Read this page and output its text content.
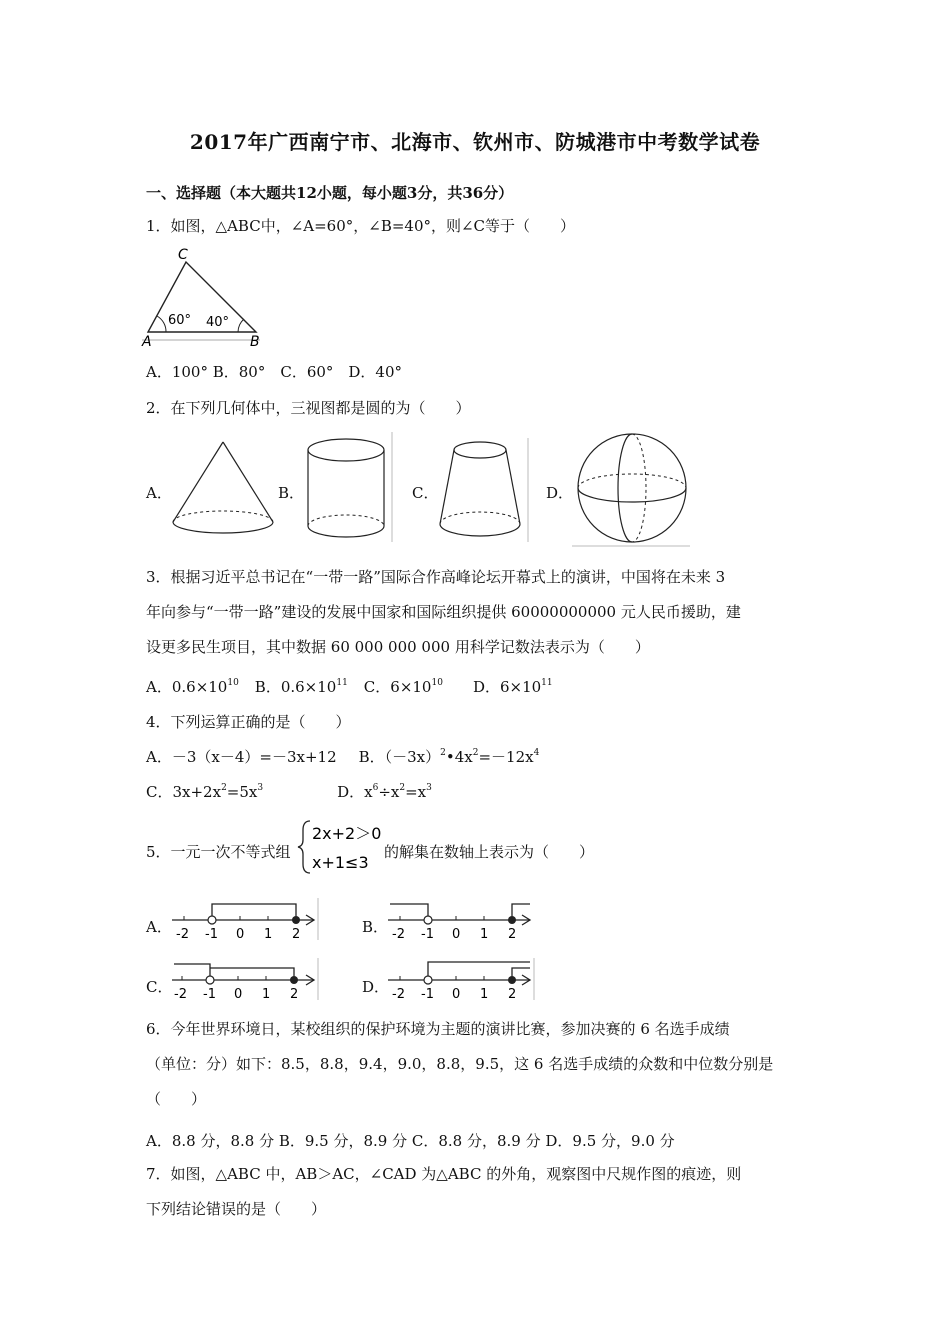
2017年广西南宁市、北海市、钦州市、防城港市中考数学试卷
一、选择题（本大题共12小题，每小题3分，共36分）
1．如图，△ABC中，∠A=60°，∠B=40°，则∠C等于（　　）
C
A	B
60° 40°
A．100° B．80°　C．60°　D．40°
2．在下列几何体中，三视图都是圆的为（　　）
A．	B．	C．	D．
3．根据习近平总书记在“一带一路”国际合作高峰论坛开幕式上的演讲，中国将在未来 3
年向参与“一带一路”建设的发展中国家和国际组织提供 60000000000 元人民币援助，建
设更多民生项目，其中数据 60 000 000 000 用科学记数法表示为（　　）
A．$0.6\times 10^{10}$ B．$0.6\times 10^{11}$ C．$6\times 10^{10}$ D．$6\times 10^{11}$
4．下列运算正确的是（　　）
A．－3（x－4）=－3x+12 B．$(-3x)^2•4x^2=-12x^4$
C．$3x+2x^2=5x^3$	D．$x^6\div x^2=x^3$
5．一元一次不等式组
2x+2＞0
x+1≤3
的解集在数轴上表示为（　　）
A． -2 -1 0 1 2	B． -2 -1 0 1 2
C． -2 -1 0 1 2	D． -2 -1 0 1 2
6．今年世界环境日，某校组织的保护环境为主题的演讲比赛，参加决赛的 6 名选手成绩
（单位：分）如下：8.5，8.8，9.4，9.0，8.8，9.5，这 6 名选手成绩的众数和中位数分别是
（　　）
A．8.8 分，8.8 分 B．9.5 分，8.9 分 C．8.8 分，8.9 分 D．9.5 分，9.0 分
7．如图，△ABC 中，AB＞AC，∠CAD 为△ABC 的外角，观察图中尺规作图的痕迹，则
下列结论错误的是（　　）
